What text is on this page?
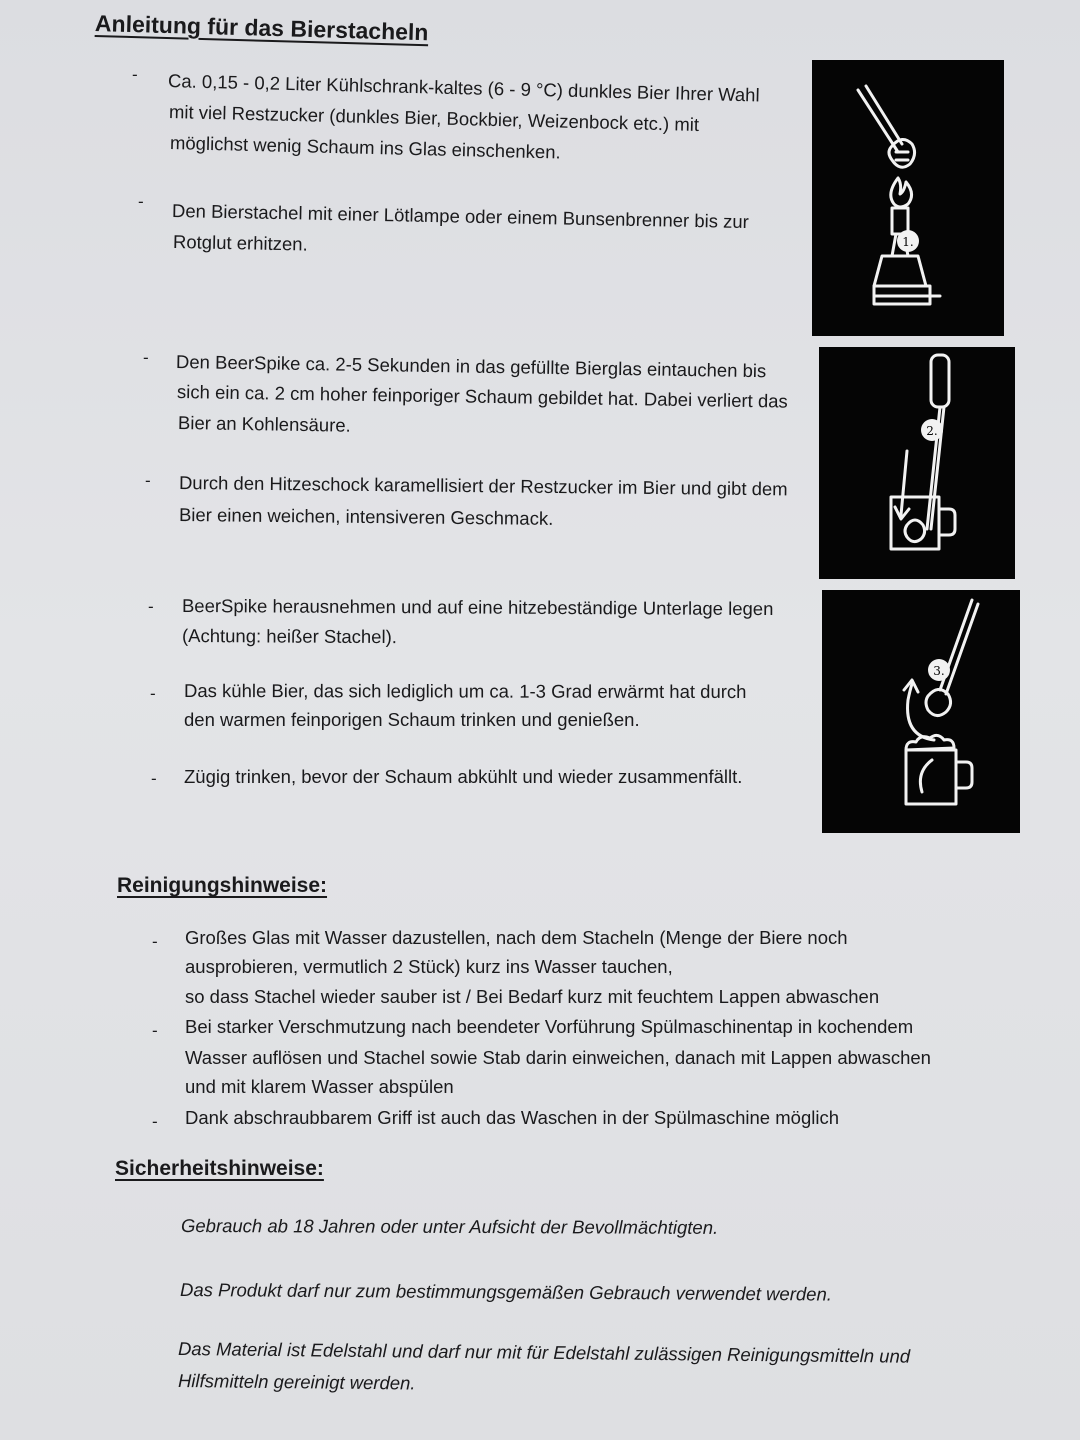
Anleitung für das Bierstacheln
- Ca. 0,15 - 0,2 Liter Kühlschrank-kaltes (6 - 9 °C) dunkles Bier Ihrer Wahl
mit viel Restzucker (dunkles Bier, Bockbier, Weizenbock etc.) mit
möglichst wenig Schaum ins Glas einschenken.
- Den Bierstachel mit einer Lötlampe oder einem Bunsenbrenner bis zur
Rotglut erhitzen.
- Den BeerSpike ca. 2-5 Sekunden in das gefüllte Bierglas eintauchen bis
sich ein ca. 2 cm hoher feinporiger Schaum gebildet hat. Dabei verliert das
Bier an Kohlensäure.
- Durch den Hitzeschock karamellisiert der Restzucker im Bier und gibt dem
Bier einen weichen, intensiveren Geschmack.
- BeerSpike herausnehmen und auf eine hitzebeständige Unterlage legen
(Achtung: heißer Stachel).
- Das kühle Bier, das sich lediglich um ca. 1-3 Grad erwärmt hat durch
den warmen feinporigen Schaum trinken und genießen.
- Zügig trinken, bevor der Schaum abkühlt und wieder zusammenfällt.
1.
2.
3.
Reinigungshinweise:
- Großes Glas mit Wasser dazustellen, nach dem Stacheln (Menge der Biere noch
ausprobieren, vermutlich 2 Stück) kurz ins Wasser tauchen,
so dass Stachel wieder sauber ist / Bei Bedarf kurz mit feuchtem Lappen abwaschen
- Bei starker Verschmutzung nach beendeter Vorführung Spülmaschinentap in kochendem
Wasser auflösen und Stachel sowie Stab darin einweichen, danach mit Lappen abwaschen
und mit klarem Wasser abspülen
- Dank abschraubbarem Griff ist auch das Waschen in der Spülmaschine möglich
Sicherheitshinweise:
Gebrauch ab 18 Jahren oder unter Aufsicht der Bevollmächtigten.
Das Produkt darf nur zum bestimmungsgemäßen Gebrauch verwendet werden.
Das Material ist Edelstahl und darf nur mit für Edelstahl zulässigen Reinigungsmitteln und
Hilfsmitteln gereinigt werden.
